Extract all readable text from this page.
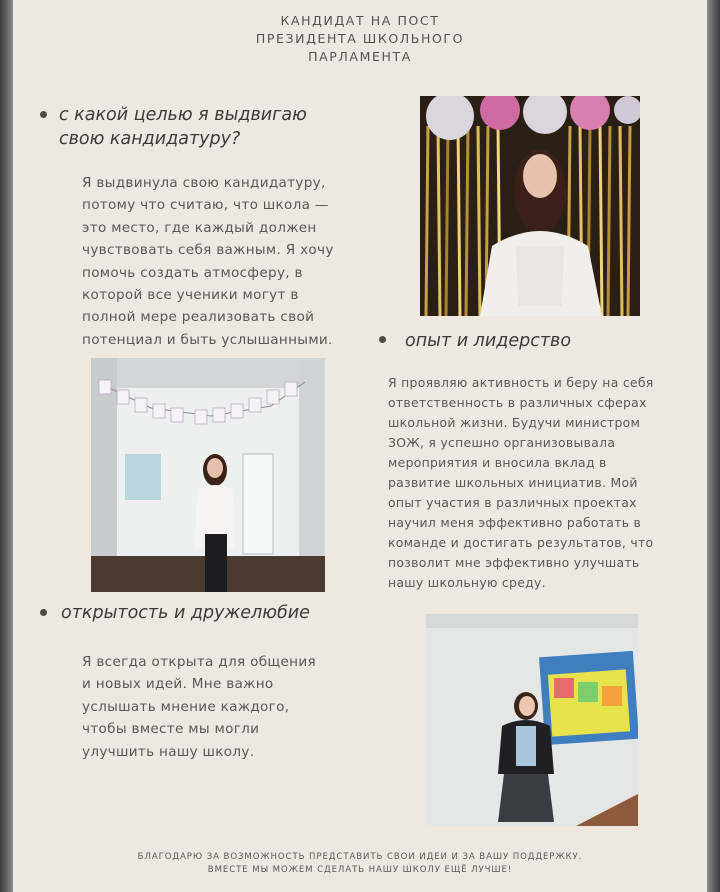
КАНДИДАТ НА ПОСТ
ПРЕЗИДЕНТА ШКОЛЬНОГО
ПАРЛАМЕНТА
с какой целью я выдвигаю
свою кандидатуру?
Я выдвинула свою кандидатуру,
потому что считаю, что школа —
это место, где каждый должен
чувствовать себя важным. Я хочу
помочь создать атмосферу, в
которой все ученики могут в
полной мере реализовать свой
потенциал и быть услышанными.	опыт и лидерство
Я проявляю активность и беру на себя
ответственность в различных сферах
школьной жизни. Будучи министром
ЗОЖ, я успешно организовывала
мероприятия и вносила вклад в
развитие школьных инициатив. Мой
опыт участия в различных проектах
научил меня эффективно работать в
команде и достигать результатов, что
позволит мне эффективно улучшать
нашу школьную среду.
открытость и дружелюбие
Я всегда открыта для общения
и новых идей. Мне важно
услышать мнение каждого,
чтобы вместе мы могли
улучшить нашу школу.
БЛАГОДАРЮ ЗА ВОЗМОЖНОСТЬ ПРЕДСТАВИТЬ СВОИ ИДЕИ И ЗА ВАШУ ПОДДЕРЖКУ.
ВМЕСТЕ МЫ МОЖЕМ СДЕЛАТЬ НАШУ ШКОЛУ ЕЩЁ ЛУЧШЕ!
